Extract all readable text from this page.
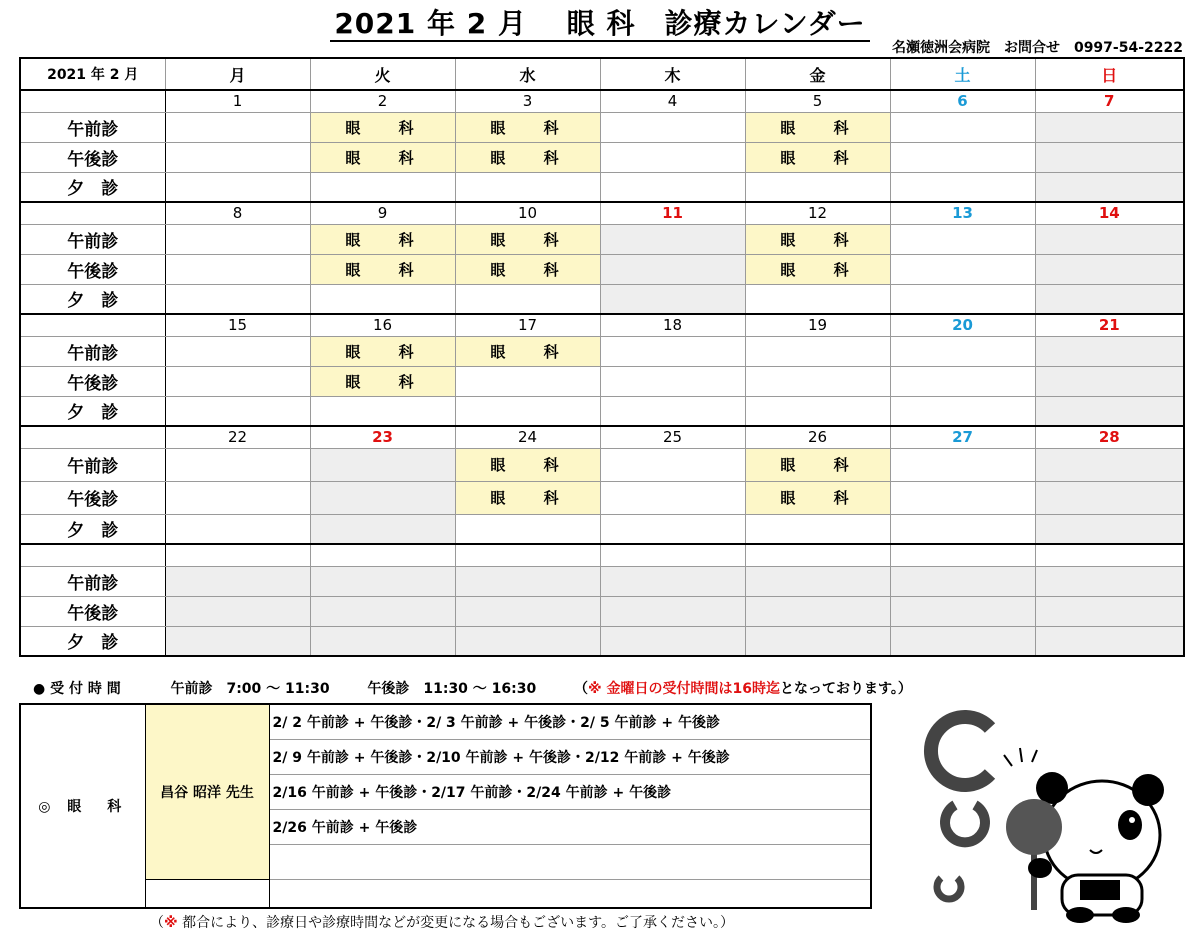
2021 年 2 月　 眼 科　診療カレンダー
名瀬徳洲会病院　お問合せ　0997-54-2222
2021 年 2 月	月	火	水	木	金	土	日
	1	2	3	4	5	6	7
午前診		眼　 科	眼　 科		眼　 科		
午後診		眼　 科	眼　 科		眼　 科		
夕　診							
	8	9	10	11	12	13	14
午前診		眼　 科	眼　 科		眼　 科		
午後診		眼　 科	眼　 科		眼　 科		
夕　診							
	15	16	17	18	19	20	21
午前診		眼　 科	眼　 科				
午後診		眼　 科					
夕　診							
	22	23	24	25	26	27	28
午前診			眼　 科		眼　 科		
午後診			眼　 科		眼　 科		
夕　診							

午前診							
午後診							
夕　診							
● 受 付 時 間	午前診　7:00 〜 11:30	午後診　11:30 〜 16:30	（※ 金曜日の受付時間は16時迄となっております。）
◎ 眼　科	昌谷 昭洋 先生	2/ 2 午前診 + 午後診・2/ 3 午前診 + 午後診・2/ 5 午前診 + 午後診
		2/ 9 午前診 + 午後診・2/10 午前診 + 午後診・2/12 午前診 + 午後診
		2/16 午前診 + 午後診・2/17 午前診・2/24 午前診 + 午後診
		2/26 午前診 + 午後診

（※ 都合により、診療日や診療時間などが変更になる場合もございます。ご了承ください。）
